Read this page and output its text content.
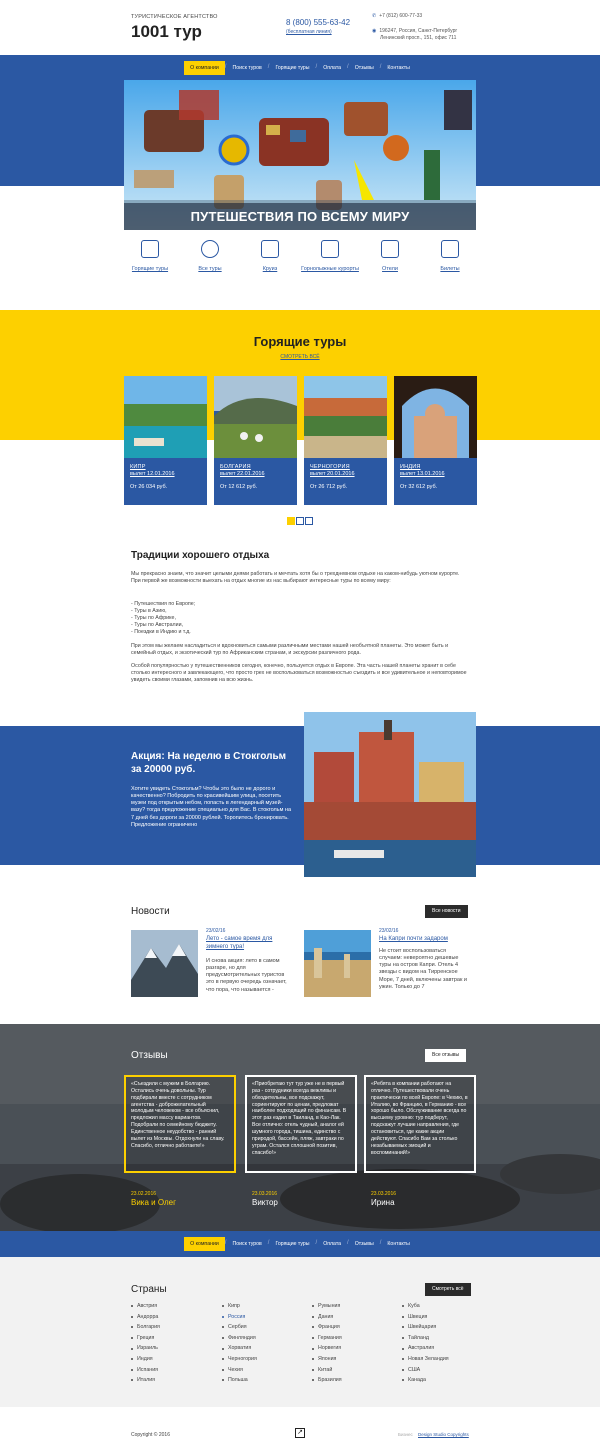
ТУРИСТИЧЕСКОЕ АГЕНТСТВО
1001 тур	8 (800) 555-63-42
(бесплатная линия)
✆ +7 (812) 600-77-33
◉ 196247, Россия, Санкт-Петербург
Ленинский просп., 151, офис 711
О компании	/	Поиск туров	/	Горящие туры	/	Оплата	/	Отзывы	/	Контакты
ПУТЕШЕСТВИЯ ПО ВСЕМУ МИРУ
Горящие туры	Все туры	Круиз	Горнолыжные курорты	Отели	Билеты
Горящие туры
СМОТРЕТЬ ВСЁ
КИПР
вылет 12.01.2016
От 26 034 руб.
БОЛГАРИЯ
вылет 22.01.2016
От 12 612 руб.
ЧЕРНОГОРИЯ
вылет 20.01.2016
От 26 712 руб.
ИНДИЯ
вылет 13.01.2016
От 32 612 руб.
Традиции хорошего отдыха
Мы прекрасно знаем, что значит целыми днями работать и мечтать хотя бы о трехдневном отдыхе на каком-нибудь уютном курорте. При первой же возможности выехать на отдых многие из нас выбирают интересные туры по всему миру:
- Путешествия по Европе;
- Туры в Азию,
- Туры по Африке,
- Туры по Австралии,
- Поездки в Индию и т.д.
При этом мы желаем насладиться и вдохновиться самыми различными местами нашей необъятной планеты. Это может быть и семейный отдых, и экзотический тур по Африканским странам, и экскурсии различного рода.
Особой популярностью у путешественников сегодня, конечно, пользуется отдых в Европе. Эта часть нашей планеты хранит в себе столько интересного и завлекающего, что просто грех не воспользоваться возможностью съездить и все удивительное и неповторимое увидеть своими глазами, запомнив на всю жизнь.
Акция: На неделю в Стокгольм за 20000 руб.
Хотите увидеть Стокгольм? Чтобы это было не дорого и качественно? Побродить по красивейшим улица, посетить музеи под открытым небом, попасть в легендарный музей-вазу? тогда предложение специально для Вас. В стокгольм на 7 дней без дороги за 20000 рублей. Торопитесь бронировать. Предложение ограничено
Новости	Все новости
23/02/16
Лето - самое время для зимнего тура!
И снова акция: лето в самом разгаре, но для предусмотрительных туристов это в первую очередь означает, что пора, что называется -
23/02/16
На Капри почти задаром
Не стоит воспользоваться случаем: невероятно дешевые туры на остров Капри. Отель 4 звезды с видом на Тирренское Море, 7 дней, включены завтрак и ужин. Только до 7
Отзывы	Все отзывы
«Съездили с мужем в Болгарию. Остались очень довольны. Тур подбирали вместе с сотрудником агентства - доброжелательный молодым человеком - все объяснил, предложил массу вариантов. Подобрали по семейному бюджету. Единственное неудобство - ранний вылет из Москвы. Отдохнули на славу. Спасибо, отлично работаете!»
«Приобретаю тут тур уже не в первый раз - сотрудники всегда вежливы и обходительны, все подскажут, сориентируют по ценам, предложат наиболее подходящий по финансам. В этот раз ездил в Таиланд, в Као-Лак. Все отлично: отель чудный, аналог ей шумного города, тишина, единство с природой, бассейн, пляж, завтраки по утрам. Остался сплошной позитив, спасибо!»
«Ребята в компании работают на отлично. Путешествовали очень практически по всей Европе: в Чехию, в Италию, во Францию, в Германию - все хорошо было. Обслуживание всегда по высшему уровню: тур подберут, подскажут лучшие направления, где остановиться, где какие акции действуют. Спасибо Вам за столько незабываемых эмоций и воспоминаний!»
23.02.2016
Вика и Олег
23.03.2016
Виктор
23.03.2016
Ирина
О компании	/	Поиск туров	/	Горящие туры	/	Оплата	/	Отзывы	/	Контакты
Страны	Смотреть всё
Австрия
Андорра
Болгария
Греция
Израиль
Индия
Испания
Италия
Кипр
Россия
Сербия
Финляндия
Хорватия
Черногория
Чехия
Польша
Румыния
Дания
Франция
Германия
Норвегия
Япония
Китай
Бразилия
Куба
Швеция
Швейцария
Тайланд
Австралия
Новая Зеландия
США
Канада
Copyright © 2016	↗	Бизнес Design Studio Copyrights
